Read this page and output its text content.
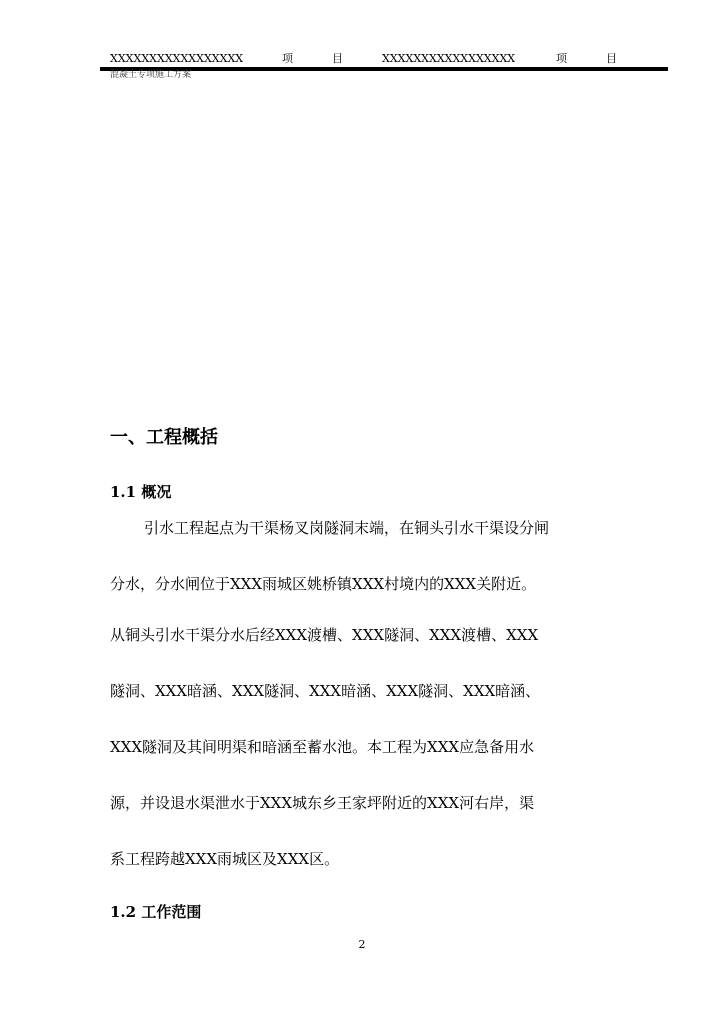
XXXXXXXXXXXXXXXXX	项	目	XXXXXXXXXXXXXXXXX	项	目
混凝土专项施工方案
一、工程概括
1.1 概况
引水工程起点为干渠杨叉岗隧洞末端，在铜头引水干渠设分闸
分水，分水闸位于XXX雨城区姚桥镇XXX村境内的XXX关附近。
从铜头引水干渠分水后经XXX渡槽、XXX隧洞、XXX渡槽、XXX
隧洞、XXX暗涵、XXX隧洞、XXX暗涵、XXX隧洞、XXX暗涵、
XXX隧洞及其间明渠和暗涵至蓄水池。本工程为XXX应急备用水
源，并设退水渠泄水于XXX城东乡王家坪附近的XXX河右岸，渠
系工程跨越XXX雨城区及XXX区。
1.2 工作范围
2
